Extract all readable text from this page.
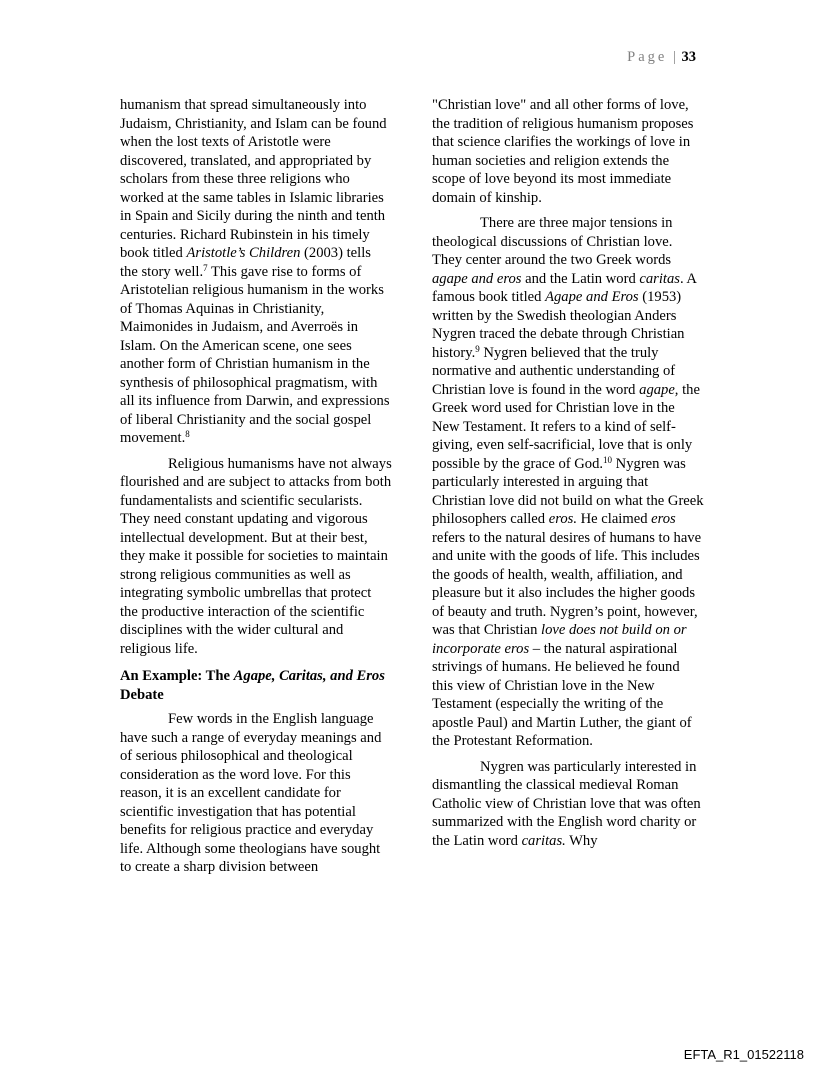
Page | 33

humanism that spread simultaneously into Judaism, Christianity, and Islam can be found when the lost texts of Aristotle were discovered, translated, and appropriated by scholars from these three religions who worked at the same tables in Islamic libraries in Spain and Sicily during the ninth and tenth centuries. Richard Rubinstein in his timely book titled Aristotle’s Children (2003) tells the story well.$^7$ This gave rise to forms of Aristotelian religious humanism in the works of Thomas Aquinas in Christianity, Maimonides in Judaism, and Averroës in Islam. On the American scene, one sees another form of Christian humanism in the synthesis of philosophical pragmatism, with all its influence from Darwin, and expressions of liberal Christianity and the social gospel movement.$^8$

Religious humanisms have not always flourished and are subject to attacks from both fundamentalists and scientific secularists. They need constant updating and vigorous intellectual development. But at their best, they make it possible for societies to maintain strong religious communities as well as integrating symbolic umbrellas that protect the productive interaction of the scientific disciplines with the wider cultural and religious life.

An Example: The Agape, Caritas, and Eros Debate

Few words in the English language have such a range of everyday meanings and of serious philosophical and theological consideration as the word love. For this reason, it is an excellent candidate for scientific investigation that has potential benefits for religious practice and everyday life. Although some theologians have sought to create a sharp division between

"Christian love" and all other forms of love, the tradition of religious humanism proposes that science clarifies the workings of love in human societies and religion extends the scope of love beyond its most immediate domain of kinship.

There are three major tensions in theological discussions of Christian love. They center around the two Greek words agape and eros and the Latin word caritas. A famous book titled Agape and Eros (1953) written by the Swedish theologian Anders Nygren traced the debate through Christian history.$^9$ Nygren believed that the truly normative and authentic understanding of Christian love is found in the word agape, the Greek word used for Christian love in the New Testament. It refers to a kind of self-giving, even self-sacrificial, love that is only possible by the grace of God.$^{10}$ Nygren was particularly interested in arguing that Christian love did not build on what the Greek philosophers called eros. He claimed eros refers to the natural desires of humans to have and unite with the goods of life. This includes the goods of health, wealth, affiliation, and pleasure but it also includes the higher goods of beauty and truth. Nygren’s point, however, was that Christian love does not build on or incorporate eros – the natural aspirational strivings of humans. He believed he found this view of Christian love in the New Testament (especially the writing of the apostle Paul) and Martin Luther, the giant of the Protestant Reformation.

Nygren was particularly interested in dismantling the classical medieval Roman Catholic view of Christian love that was often summarized with the English word charity or the Latin word caritas. Why

EFTA_R1_01522118
